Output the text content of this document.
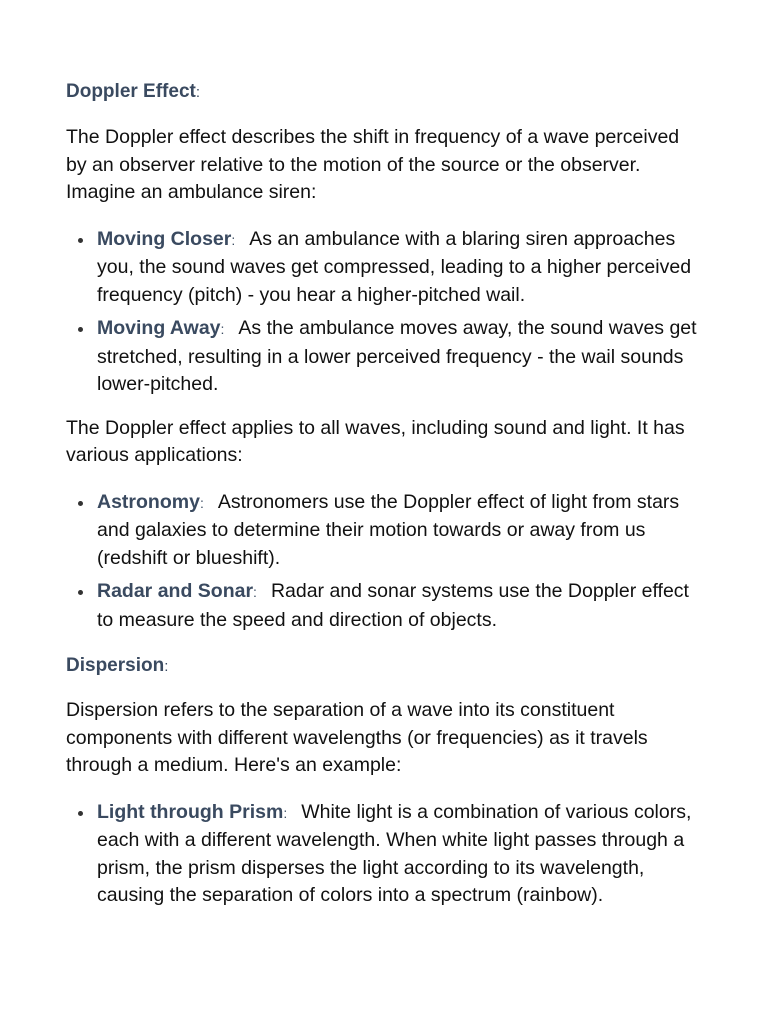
Doppler Effect:

The Doppler effect describes the shift in frequency of a wave perceived by an observer relative to the motion of the source or the observer. Imagine an ambulance siren:

Moving Closer: As an ambulance with a blaring siren approaches you, the sound waves get compressed, leading to a higher perceived frequency (pitch) - you hear a higher-pitched wail.
Moving Away: As the ambulance moves away, the sound waves get stretched, resulting in a lower perceived frequency - the wail sounds lower-pitched.

The Doppler effect applies to all waves, including sound and light. It has various applications:

Astronomy: Astronomers use the Doppler effect of light from stars and galaxies to determine their motion towards or away from us (redshift or blueshift).
Radar and Sonar: Radar and sonar systems use the Doppler effect to measure the speed and direction of objects.
Dispersion:

Dispersion refers to the separation of a wave into its constituent components with different wavelengths (or frequencies) as it travels through a medium. Here's an example:

Light through Prism: White light is a combination of various colors, each with a different wavelength. When white light passes through a prism, the prism disperses the light according to its wavelength, causing the separation of colors into a spectrum (rainbow).
